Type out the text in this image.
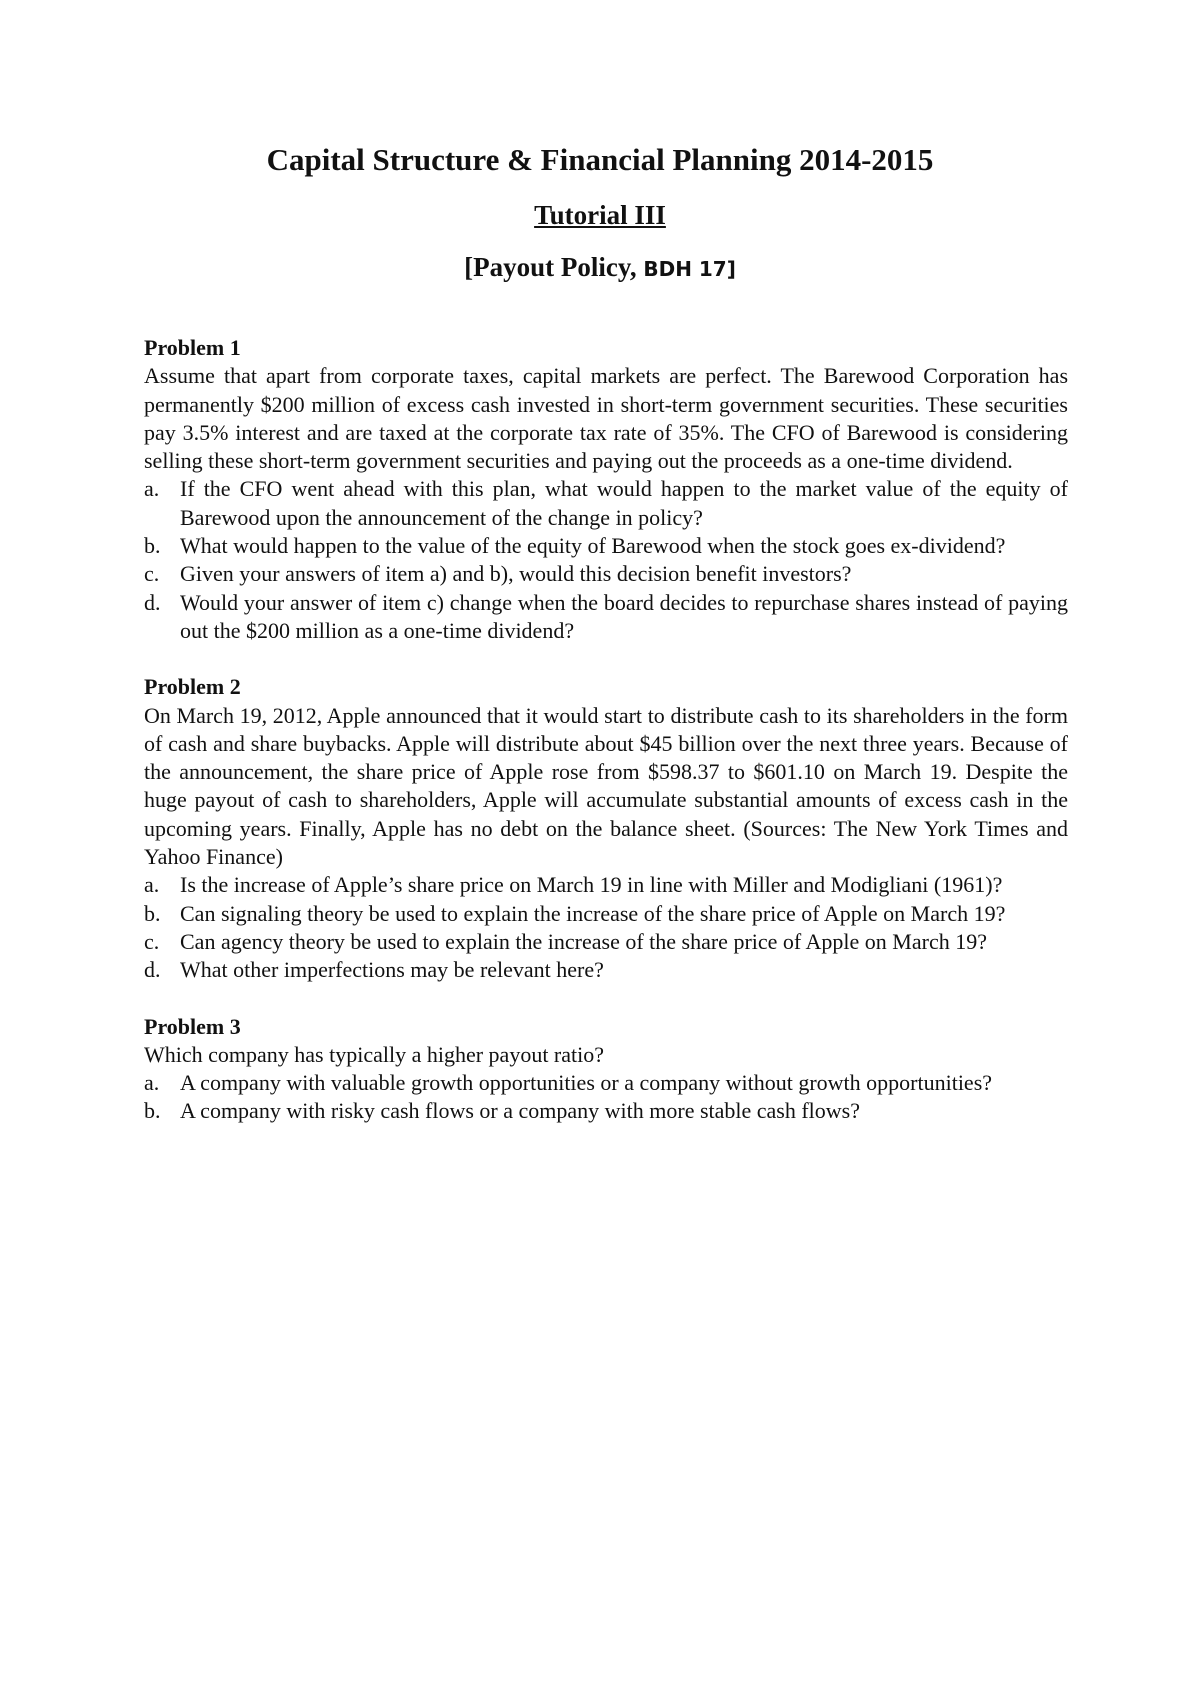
Capital Structure & Financial Planning 2014-2015
Tutorial III
[Payout Policy, BDH 17]

Problem 1

Assume that apart from corporate taxes, capital markets are perfect. The Barewood Corporation has permanently $200 million of excess cash invested in short-term government securities. These securities pay 3.5% interest and are taxed at the corporate tax rate of 35%. The CFO of Barewood is considering selling these short-term government securities and paying out the proceeds as a one-time dividend.

a. If the CFO went ahead with this plan, what would happen to the market value of the equity of Barewood upon the announcement of the change in policy?
b. What would happen to the value of the equity of Barewood when the stock goes ex-dividend?
c. Given your answers of item a) and b), would this decision benefit investors?
d. Would your answer of item c) change when the board decides to repurchase shares instead of paying out the $200 million as a one-time dividend?

Problem 2

On March 19, 2012, Apple announced that it would start to distribute cash to its shareholders in the form of cash and share buybacks. Apple will distribute about $45 billion over the next three years. Because of the announcement, the share price of Apple rose from $598.37 to $601.10 on March 19. Despite the huge payout of cash to shareholders, Apple will accumulate substantial amounts of excess cash in the upcoming years. Finally, Apple has no debt on the balance sheet. (Sources: The New York Times and Yahoo Finance)

a. Is the increase of Apple’s share price on March 19 in line with Miller and Modigliani (1961)?
b. Can signaling theory be used to explain the increase of the share price of Apple on March 19?
c. Can agency theory be used to explain the increase of the share price of Apple on March 19?
d. What other imperfections may be relevant here?

Problem 3

Which company has typically a higher payout ratio?

a. A company with valuable growth opportunities or a company without growth opportunities?
b. A company with risky cash flows or a company with more stable cash flows?
